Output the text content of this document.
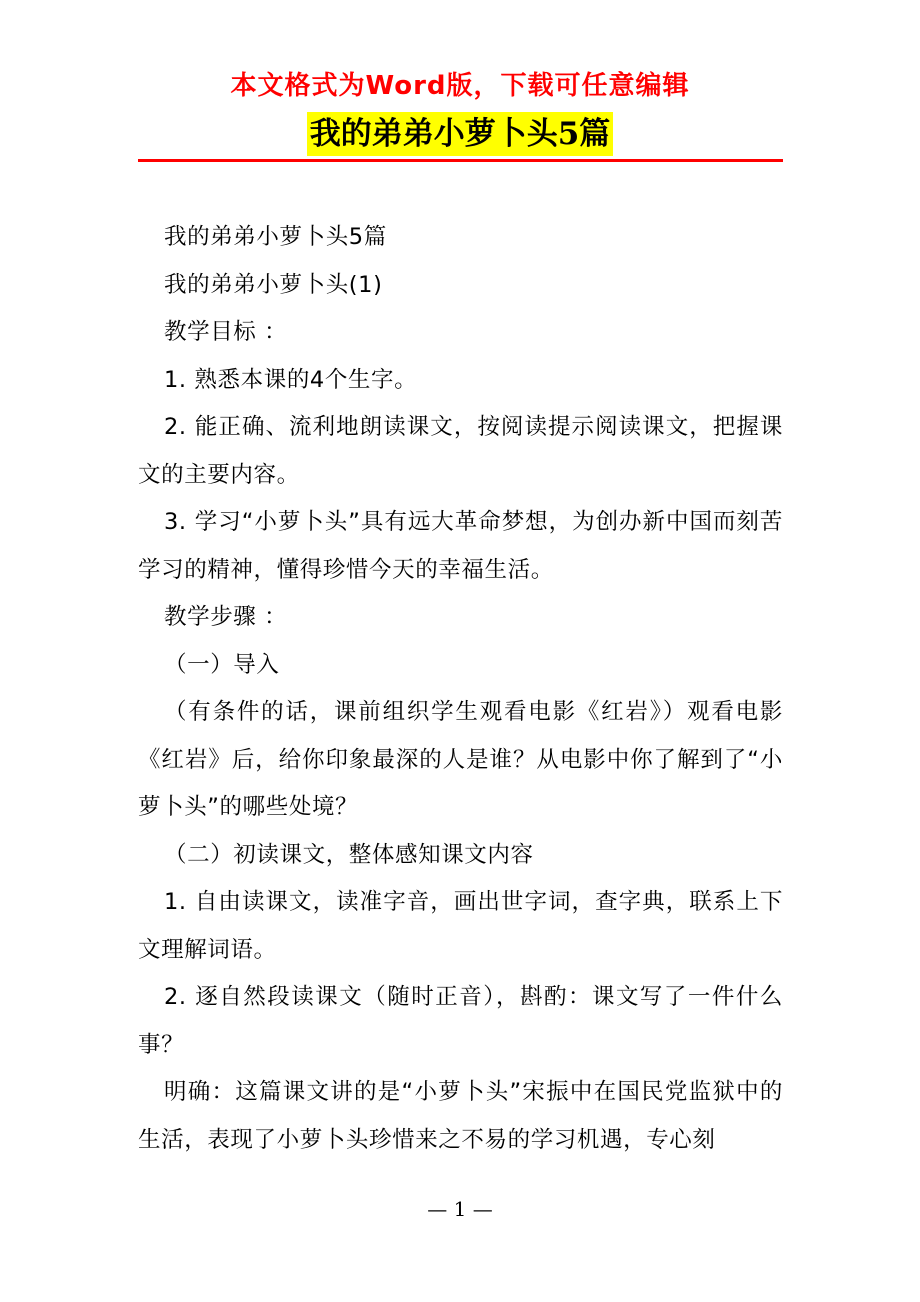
本文格式为Word版，下载可任意编辑
我的弟弟小萝卜头5篇

我的弟弟小萝卜头5篇

我的弟弟小萝卜头(1)

教学目标 ：

1. 熟悉本课的4个生字。

2. 能正确、流利地朗读课文，按阅读提示阅读课文，把握课文的主要内容。

3. 学习“小萝卜头”具有远大革命梦想，为创办新中国而刻苦学习的精神，懂得珍惜今天的幸福生活。

教学步骤 ：

（一）导入

（有条件的话，课前组织学生观看电影《红岩》）观看电影《红岩》后，给你印象最深的人是谁？从电影中你了解到了“小萝卜头”的哪些处境？

（二）初读课文，整体感知课文内容

1. 自由读课文，读准字音，画出世字词，查字典，联系上下文理解词语。

2. 逐自然段读课文（随时正音），斟酌：课文写了一件什么事？

明确：这篇课文讲的是“小萝卜头”宋振中在国民党监狱中的生活，表现了小萝卜头珍惜来之不易的学习机遇，专心刻

— 1 —
